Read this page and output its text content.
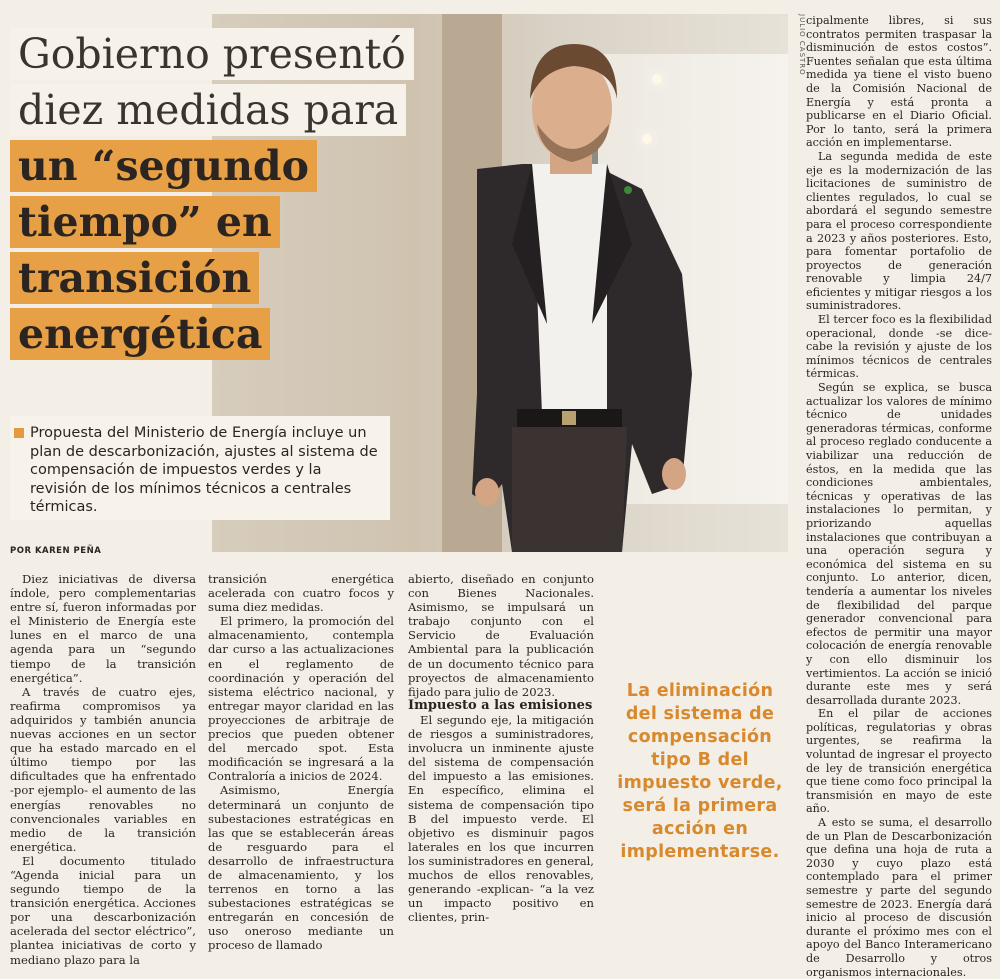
JULIO CASTRO
Gobierno presentó
diez medidas para
un “segundo
tiempo” en
transición
energética
Propuesta del Ministerio de Energía incluye un plan de descarbonización, ajustes al sistema de compensación de impuestos verdes y la revisión de los mínimos técnicos a centrales térmicas.
POR KAREN PEÑA

Diez iniciativas de diversa índole, pero complementarias entre sí, fueron informadas por el Ministerio de Energía este lunes en el marco de una agenda para un “segundo tiempo de la transición energética”.

A través de cuatro ejes, reafirma compromisos ya adquiridos y también anuncia nuevas acciones en un sector que ha estado marcado en el último tiempo por las dificultades que ha enfrentado -por ejemplo- el aumento de las energías renovables no convencionales variables en medio de la transición energética.

El documento titulado “Agenda inicial para un segundo tiempo de la transición energética. Acciones por una descarbonización acelerada del sector eléctrico”, plantea iniciativas de corto y mediano plazo para la

transición energética acelerada con cuatro focos y suma diez medidas.

El primero, la promoción del almacenamiento, contempla dar curso a las actualizaciones en el reglamento de coordinación y operación del sistema eléctrico nacional, y entregar mayor claridad en las proyecciones de arbitraje de precios que pueden obtener del mercado spot. Esta modificación se ingresará a la Contraloría a inicios de 2024.

Asimismo, Energía determinará un conjunto de subestaciones estratégicas en las que se establecerán áreas de resguardo para el desarrollo de infraestructura de almacenamiento, y los terrenos en torno a las subestaciones estratégicas se entregarán en concesión de uso oneroso mediante un proceso de llamado

abierto, diseñado en conjunto con Bienes Nacionales. Asimismo, se impulsará un trabajo conjunto con el Servicio de Evaluación Ambiental para la publicación de un documento técnico para proyectos de almacenamiento fijado para julio de 2023.

Impuesto a las emisiones

El segundo eje, la mitigación de riesgos a suministradores, involucra un inminente ajuste del sistema de compensación del impuesto a las emisiones. En específico, elimina el sistema de compensación tipo B del impuesto verde. El objetivo es disminuir pagos laterales en los que incurren los suministradores en general, muchos de ellos renovables, generando -explican- “a la vez un impacto positivo en clientes, prin-

cipalmente libres, si sus contratos permiten traspasar la disminución de estos costos”. Fuentes señalan que esta última medida ya tiene el visto bueno de la Comisión Nacional de Energía y está pronta a publicarse en el Diario Oficial. Por lo tanto, será la primera acción en implementarse.

La segunda medida de este eje es la modernización de las licitaciones de suministro de clientes regulados, lo cual se abordará el segundo semestre para el proceso correspondiente a 2023 y años posteriores. Esto, para fomentar portafolio de proyectos de generación renovable y limpia 24/7 eficientes y mitigar riesgos a los suministradores.

El tercer foco es la flexibilidad operacional, donde -se dice- cabe la revisión y ajuste de los mínimos técnicos de centrales térmicas.

Según se explica, se busca actualizar los valores de mínimo técnico de unidades generadoras térmicas, conforme al proceso reglado conducente a viabilizar una reducción de éstos, en la medida que las condiciones ambientales, técnicas y operativas de las instalaciones lo permitan, y priorizando aquellas instalaciones que contribuyan a una operación segura y económica del sistema en su conjunto. Lo anterior, dicen, tendería a aumentar los niveles de flexibilidad del parque generador convencional para efectos de permitir una mayor colocación de energía renovable y con ello disminuir los vertimientos. La acción se inició durante este mes y será desarrollada durante 2023.

En el pilar de acciones políticas, regulatorias y obras urgentes, se reafirma la voluntad de ingresar el proyecto de ley de transición energética que tiene como foco principal la transmisión en mayo de este año.

A esto se suma, el desarrollo de un Plan de Descarbonización que defina una hoja de ruta a 2030 y cuyo plazo está contemplado para el primer semestre y parte del segundo semestre de 2023. Energía dará inicio al proceso de discusión durante el próximo mes con el apoyo del Banco Interamericano de Desarrollo y otros organismos internacionales.

La eliminación del sistema de compensación tipo B del impuesto verde, será la primera acción en implementarse.
